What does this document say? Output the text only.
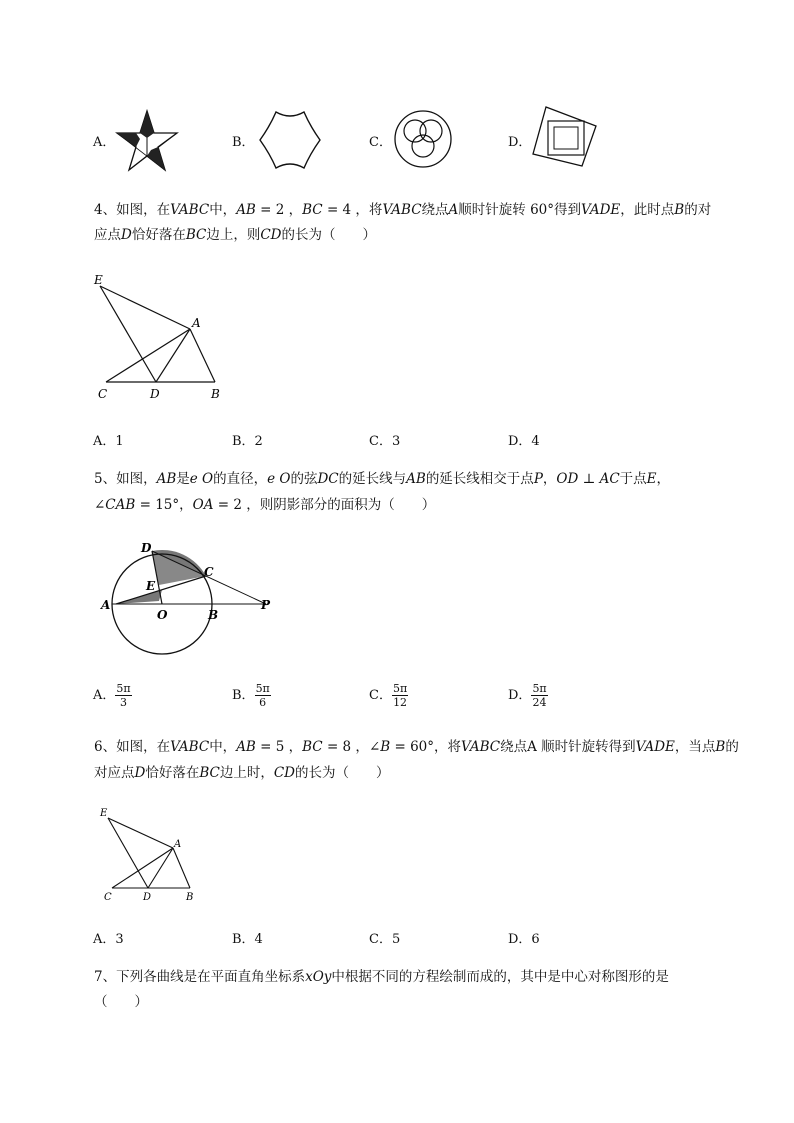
A．	B．	C．	D．
4、如图，在VABC中，AB = 2 ，BC = 4 ，将VABC绕点A顺时针旋转 60°得到VADE，此时点B的对
应点D恰好落在BC边上，则CD的长为（　　）
E
A
C	D	B
A．1	B．2	C．3	D．4
5、如图，AB是e O的直径，e O的弦DC的延长线与AB的延长线相交于点P，OD ⊥ AC于点E，
∠CAB = 15°，OA = 2 ，则阴影部分的面积为（　　）
D
C
E
A
O	B
P
A． $\frac{5\pi}{3}$	B． $\frac{5\pi}{6}$	C． $\frac{5\pi}{12}$	D． $\frac{5\pi}{24}$
6、如图，在VABC中，AB = 5 ，BC = 8 ，∠B = 60°，将VABC绕点A 顺时针旋转得到VADE，当点B的
对应点D恰好落在BC边上时，CD的长为（　　）
E
A
C	D	B
A．3	B．4	C．5	D．6
7、下列各曲线是在平面直角坐标系xOy中根据不同的方程绘制而成的，其中是中心对称图形的是
（　　）
